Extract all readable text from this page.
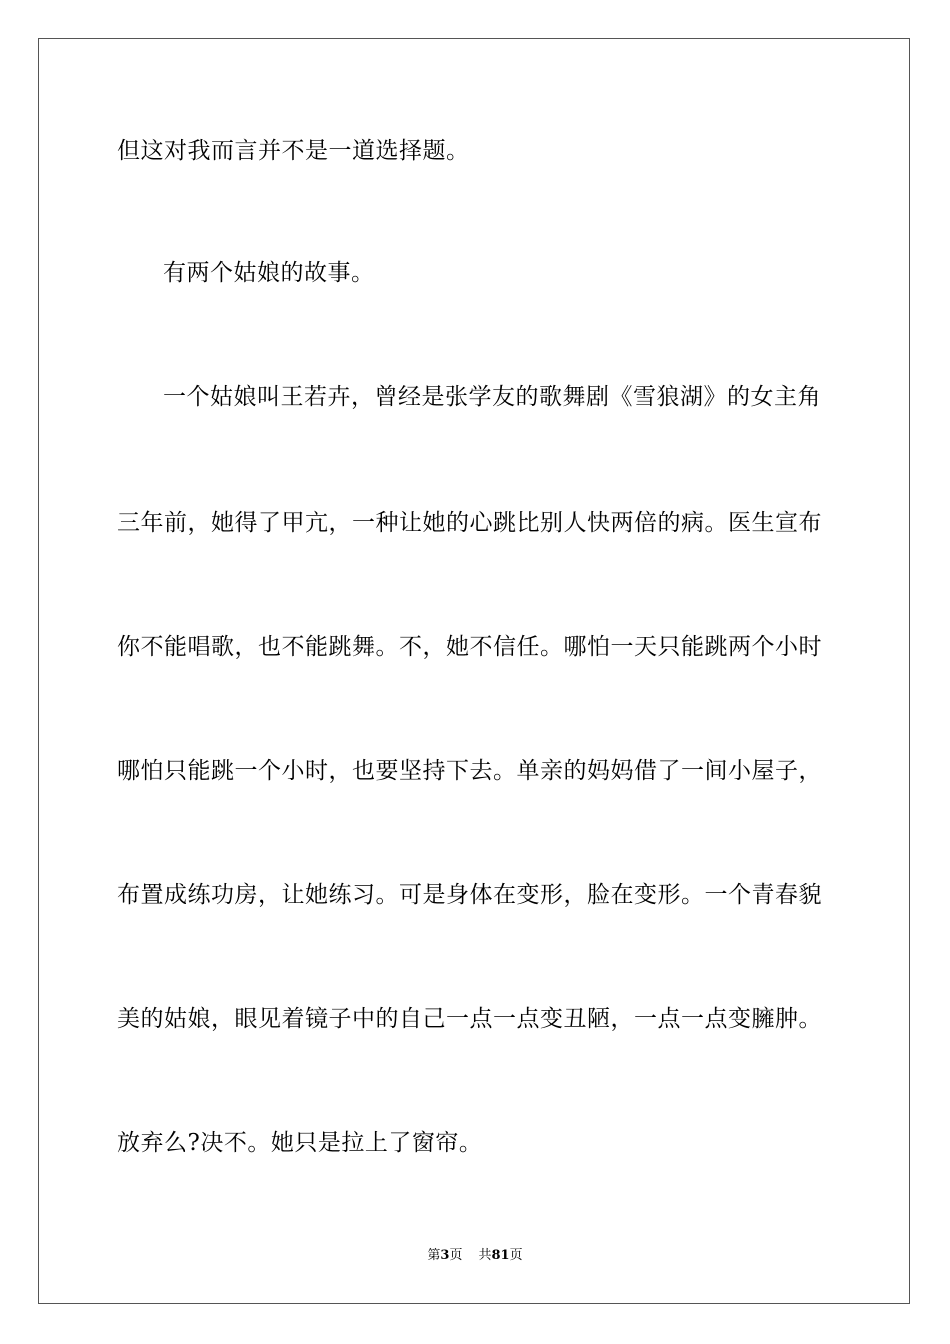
但这对我而言并不是一道选择题。
有两个姑娘的故事。
一个姑娘叫王若卉，曾经是张学友的歌舞剧《雪狼湖》的女主角
三年前，她得了甲亢，一种让她的心跳比别人快两倍的病。医生宣布
你不能唱歌，也不能跳舞。不，她不信任。哪怕一天只能跳两个小时
哪怕只能跳一个小时，也要坚持下去。单亲的妈妈借了一间小屋子，
布置成练功房，让她练习。可是身体在变形，脸在变形。一个青春貌
美的姑娘，眼见着镜子中的自己一点一点变丑陋，一点一点变臃肿。
放弃么?决不。她只是拉上了窗帘。
第3页 共81页
